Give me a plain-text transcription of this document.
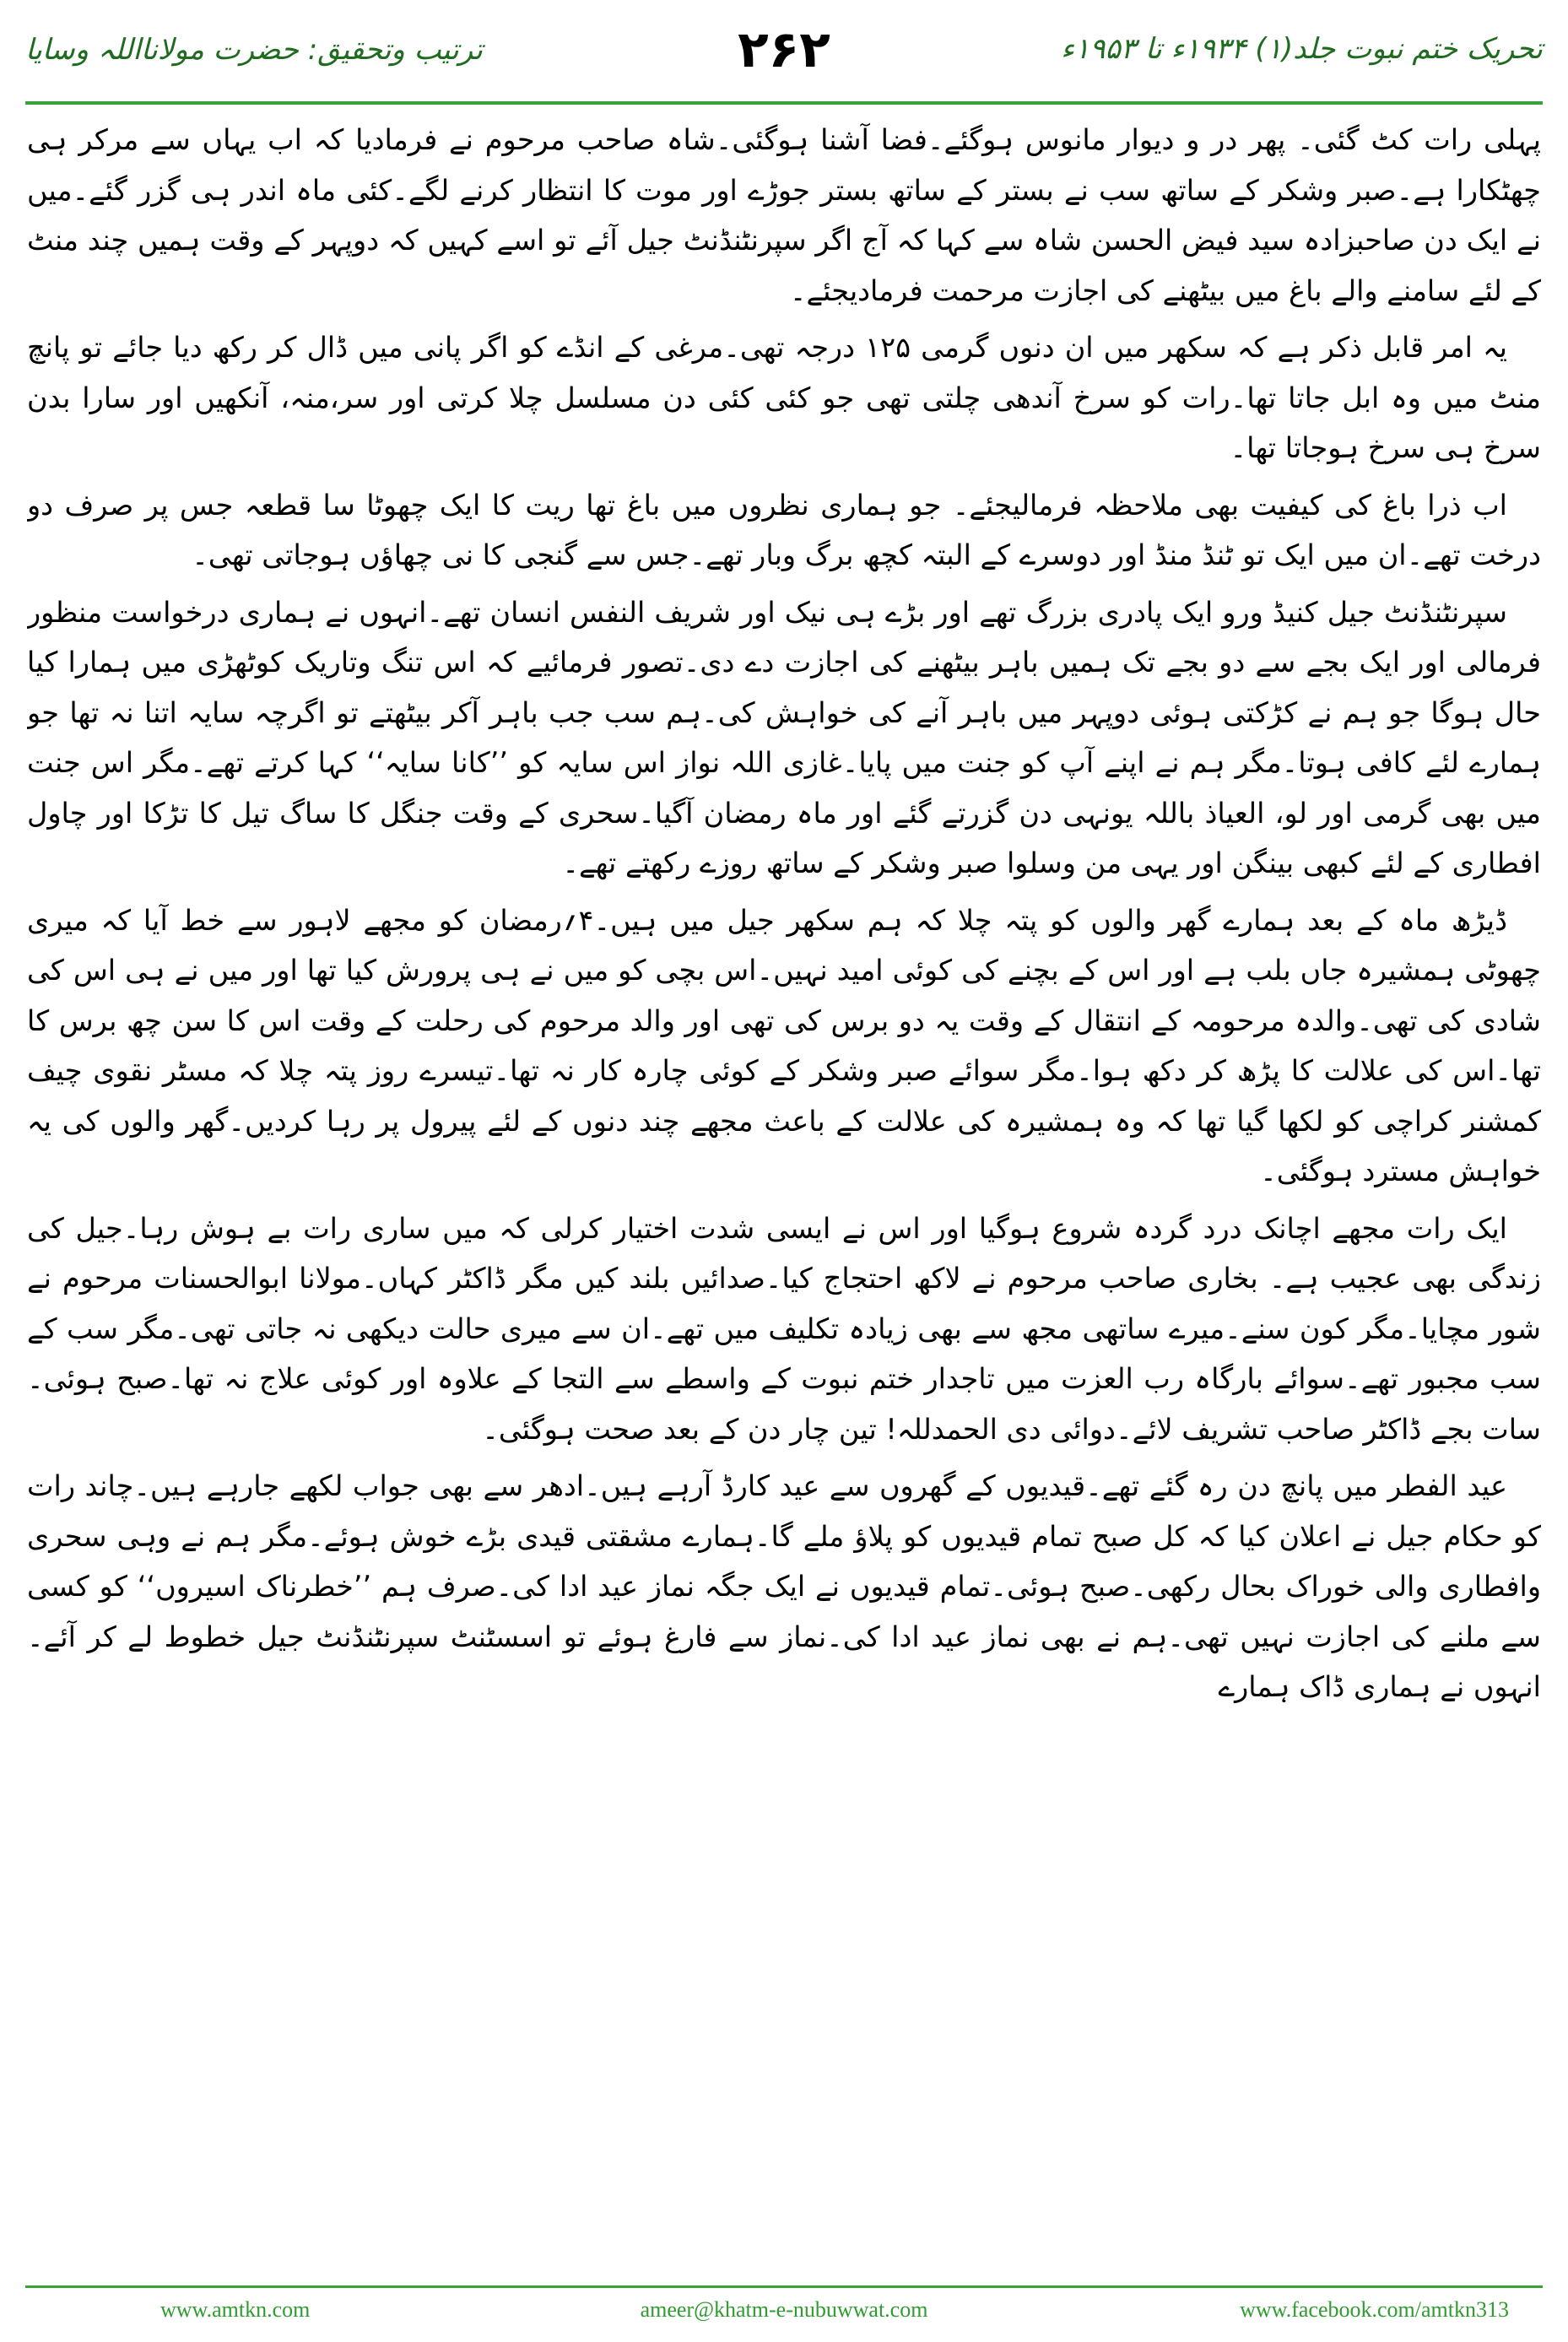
ترتیب وتحقیق: حضرت مولانااللہ وسایا	۲۶۲	تحریک ختم نبوت جلد(۱) ۱۹۳۴ء تا ۱۹۵۳ء

پہلی رات کٹ گئی۔ پھر در و دیوار مانوس ہوگئے۔فضا آشنا ہوگئی۔شاہ صاحب مرحوم نے فرمادیا کہ اب یہاں سے مرکر ہی چھٹکارا ہے۔صبر وشکر کے ساتھ سب نے بستر کے ساتھ بستر جوڑے اور موت کا انتظار کرنے لگے۔کئی ماہ اندر ہی گزر گئے۔میں نے ایک دن صاحبزادہ سید فیض الحسن شاہ سے کہا کہ آج اگر سپرنٹنڈنٹ جیل آئے تو اسے کہیں کہ دوپہر کے وقت ہمیں چند منٹ کے لئے سامنے والے باغ میں بیٹھنے کی اجازت مرحمت فرمادیجئے۔

یہ امر قابل ذکر ہے کہ سکھر میں ان دنوں گرمی ۱۲۵ درجہ تھی۔مرغی کے انڈے کو اگر پانی میں ڈال کر رکھ دیا جائے تو پانچ منٹ میں وہ ابل جاتا تھا۔رات کو سرخ آندھی چلتی تھی جو کئی کئی دن مسلسل چلا کرتی اور سر،منہ، آنکھیں اور سارا بدن سرخ ہی سرخ ہوجاتا تھا۔

اب ذرا باغ کی کیفیت بھی ملاحظہ فرمالیجئے۔ جو ہماری نظروں میں باغ تھا ریت کا ایک چھوٹا سا قطعہ جس پر صرف دو درخت تھے۔ان میں ایک تو ٹنڈ منڈ اور دوسرے کے البتہ کچھ برگ وبار تھے۔جس سے گنجی کا نی چھاؤں ہوجاتی تھی۔

سپرنٹنڈنٹ جیل کنیڈ ورو ایک پادری بزرگ تھے اور بڑے ہی نیک اور شریف النفس انسان تھے۔انہوں نے ہماری درخواست منظور فرمالی اور ایک بجے سے دو بجے تک ہمیں باہر بیٹھنے کی اجازت دے دی۔تصور فرمائیے کہ اس تنگ وتاریک کوٹھڑی میں ہمارا کیا حال ہوگا جو ہم نے کڑکتی ہوئی دوپہر میں باہر آنے کی خواہش کی۔ہم سب جب باہر آکر بیٹھتے تو اگرچہ سایہ اتنا نہ تھا جو ہمارے لئے کافی ہوتا۔مگر ہم نے اپنے آپ کو جنت میں پایا۔غازی اللہ نواز اس سایہ کو ’’کانا سایہ‘‘ کہا کرتے تھے۔مگر اس جنت میں بھی گرمی اور لو، العیاذ باللہ یونہی دن گزرتے گئے اور ماہ رمضان آگیا۔سحری کے وقت جنگل کا ساگ تیل کا تڑکا اور چاول افطاری کے لئے کبھی بینگن اور یہی من وسلوا صبر وشکر کے ساتھ روزے رکھتے تھے۔

ڈیڑھ ماہ کے بعد ہمارے گھر والوں کو پتہ چلا کہ ہم سکھر جیل میں ہیں۔۴؍رمضان کو مجھے لاہور سے خط آیا کہ میری چھوٹی ہمشیرہ جاں بلب ہے اور اس کے بچنے کی کوئی امید نہیں۔اس بچی کو میں نے ہی پرورش کیا تھا اور میں نے ہی اس کی شادی کی تھی۔والدہ مرحومہ کے انتقال کے وقت یہ دو برس کی تھی اور والد مرحوم کی رحلت کے وقت اس کا سن چھ برس کا تھا۔اس کی علالت کا پڑھ کر دکھ ہوا۔مگر سوائے صبر وشکر کے کوئی چارہ کار نہ تھا۔تیسرے روز پتہ چلا کہ مسٹر نقوی چیف کمشنر کراچی کو لکھا گیا تھا کہ وہ ہمشیرہ کی علالت کے باعث مجھے چند دنوں کے لئے پیرول پر رہا کردیں۔گھر والوں کی یہ خواہش مسترد ہوگئی۔

ایک رات مجھے اچانک درد گردہ شروع ہوگیا اور اس نے ایسی شدت اختیار کرلی کہ میں ساری رات بے ہوش رہا۔جیل کی زندگی بھی عجیب ہے۔ بخاری صاحب مرحوم نے لاکھ احتجاج کیا۔صدائیں بلند کیں مگر ڈاکٹر کہاں۔مولانا ابوالحسنات مرحوم نے شور مچایا۔مگر کون سنے۔میرے ساتھی مجھ سے بھی زیادہ تکلیف میں تھے۔ان سے میری حالت دیکھی نہ جاتی تھی۔مگر سب کے سب مجبور تھے۔سوائے بارگاہ رب العزت میں تاجدار ختم نبوت کے واسطے سے التجا کے علاوہ اور کوئی علاج نہ تھا۔صبح ہوئی۔ سات بجے ڈاکٹر صاحب تشریف لائے۔دوائی دی الحمدللہ! تین چار دن کے بعد صحت ہوگئی۔

عید الفطر میں پانچ دن رہ گئے تھے۔قیدیوں کے گھروں سے عید کارڈ آرہے ہیں۔ادھر سے بھی جواب لکھے جارہے ہیں۔چاند رات کو حکام جیل نے اعلان کیا کہ کل صبح تمام قیدیوں کو پلاؤ ملے گا۔ہمارے مشقتی قیدی بڑے خوش ہوئے۔مگر ہم نے وہی سحری وافطاری والی خوراک بحال رکھی۔صبح ہوئی۔تمام قیدیوں نے ایک جگہ نماز عید ادا کی۔صرف ہم ’’خطرناک اسیروں‘‘ کو کسی سے ملنے کی اجازت نہیں تھی۔ہم نے بھی نماز عید ادا کی۔نماز سے فارغ ہوئے تو اسسٹنٹ سپرنٹنڈنٹ جیل خطوط لے کر آئے۔انہوں نے ہماری ڈاک ہمارے

www.amtkn.com	ameer@khatm-e-nubuwwat.com	www.facebook.com/amtkn313
